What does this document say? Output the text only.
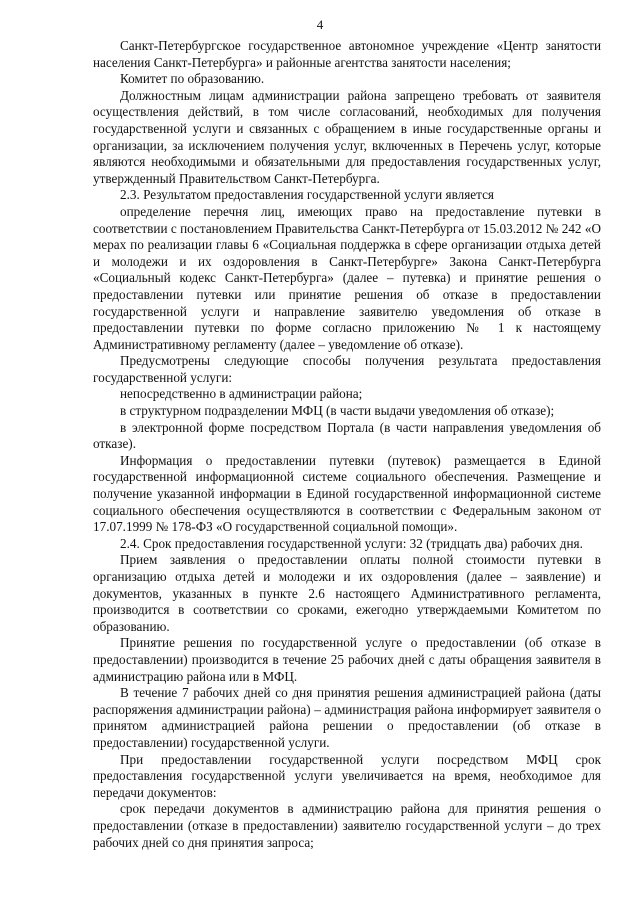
4

Санкт-Петербургское государственное автономное учреждение «Центр занятости населения Санкт-Петербурга» и районные агентства занятости населения;

Комитет по образованию.

Должностным лицам администрации района запрещено требовать от заявителя осуществления действий, в том числе согласований, необходимых для получения государственной услуги и связанных с обращением в иные государственные органы и организации, за исключением получения услуг, включенных в Перечень услуг, которые являются необходимыми и обязательными для предоставления государственных услуг, утвержденный Правительством Санкт-Петербурга.

2.3. Результатом предоставления государственной услуги является

определение перечня лиц, имеющих право на предоставление путевки в соответствии с постановлением Правительства Санкт-Петербурга от 15.03.2012 № 242 «О мерах по реализации главы 6 «Социальная поддержка в сфере организации отдыха детей и молодежи и их оздоровления в Санкт-Петербурге» Закона Санкт-Петербурга «Социальный кодекс Санкт-Петербурга» (далее – путевка) и принятие решения о предоставлении путевки или принятие решения об отказе в предоставлении государственной услуги и направление заявителю уведомления об отказе в предоставлении путевки по форме согласно приложению № 1 к настоящему Административному регламенту (далее – уведомление об отказе).

Предусмотрены следующие способы получения результата предоставления государственной услуги:

непосредственно в администрации района;

в структурном подразделении МФЦ (в части выдачи уведомления об отказе);

в электронной форме посредством Портала (в части направления уведомления об отказе).

Информация о предоставлении путевки (путевок) размещается в Единой государственной информационной системе социального обеспечения. Размещение и получение указанной информации в Единой государственной информационной системе социального обеспечения осуществляются в соответствии с Федеральным законом от 17.07.1999 № 178-ФЗ «О государственной социальной помощи».

2.4. Срок предоставления государственной услуги: 32 (тридцать два) рабочих дня.

Прием заявления о предоставлении оплаты полной стоимости путевки в организацию отдыха детей и молодежи и их оздоровления (далее – заявление) и документов, указанных в пункте 2.6 настоящего Административного регламента, производится в соответствии со сроками, ежегодно утверждаемыми Комитетом по образованию.

Принятие решения по государственной услуге о предоставлении (об отказе в предоставлении) производится в течение 25 рабочих дней с даты обращения заявителя в администрацию района или в МФЦ.

В течение 7 рабочих дней со дня принятия решения администрацией района (даты распоряжения администрации района) – администрация района информирует заявителя о принятом администрацией района решении о предоставлении (об отказе в предоставлении) государственной услуги.

При предоставлении государственной услуги посредством МФЦ срок предоставления государственной услуги увеличивается на время, необходимое для передачи документов:

срок передачи документов в администрацию района для принятия решения о предоставлении (отказе в предоставлении) заявителю государственной услуги – до трех рабочих дней со дня принятия запроса;
